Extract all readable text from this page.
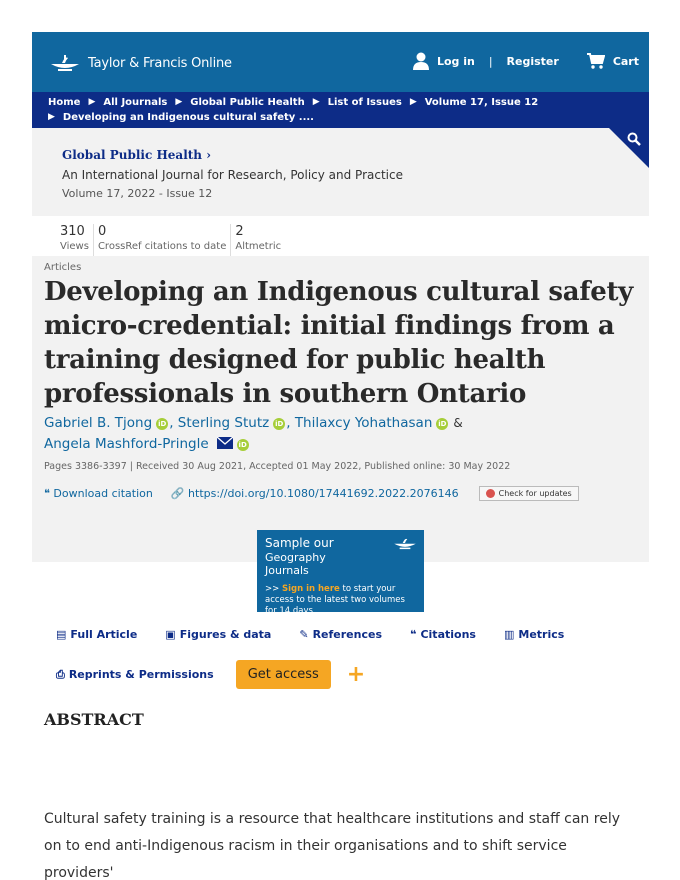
Taylor & Francis Online	Log in | Register	Cart
Home ▶ All Journals ▶ Global Public Health ▶ List of Issues ▶ Volume 17, Issue 12
▶ Developing an Indigenous cultural safety ....
Global Public Health ›
An International Journal for Research, Policy and Practice
Volume 17, 2022 - Issue 12
310
Views
0
CrossRef citations to date
2
Altmetric
Articles
Developing an Indigenous cultural safety micro-credential: initial findings from a training designed for public health professionals in southern Ontario
Gabriel B. Tjong iD , Sterling Stutz iD , Thilaxcy Yohathasan iD &
Angela Mashford-Pringle	iD
Pages 3386-3397 | Received 30 Aug 2021, Accepted 01 May 2022, Published online: 30 May 2022
❝ Download citation 🔗 https://doi.org/10.1080/17441692.2022.2076146	Check for updates
Sample our
Geography
Journals
>> Sign in here to start your access to the latest two volumes for 14 days
▤ Full Article	▣ Figures & data	✎ References	❝ Citations	▥ Metrics
⎙ Reprints & Permissions	Get access	+
ABSTRACT

Cultural safety training is a resource that healthcare institutions and staff can rely on to end anti-Indigenous racism in their organisations and to shift service providers'
